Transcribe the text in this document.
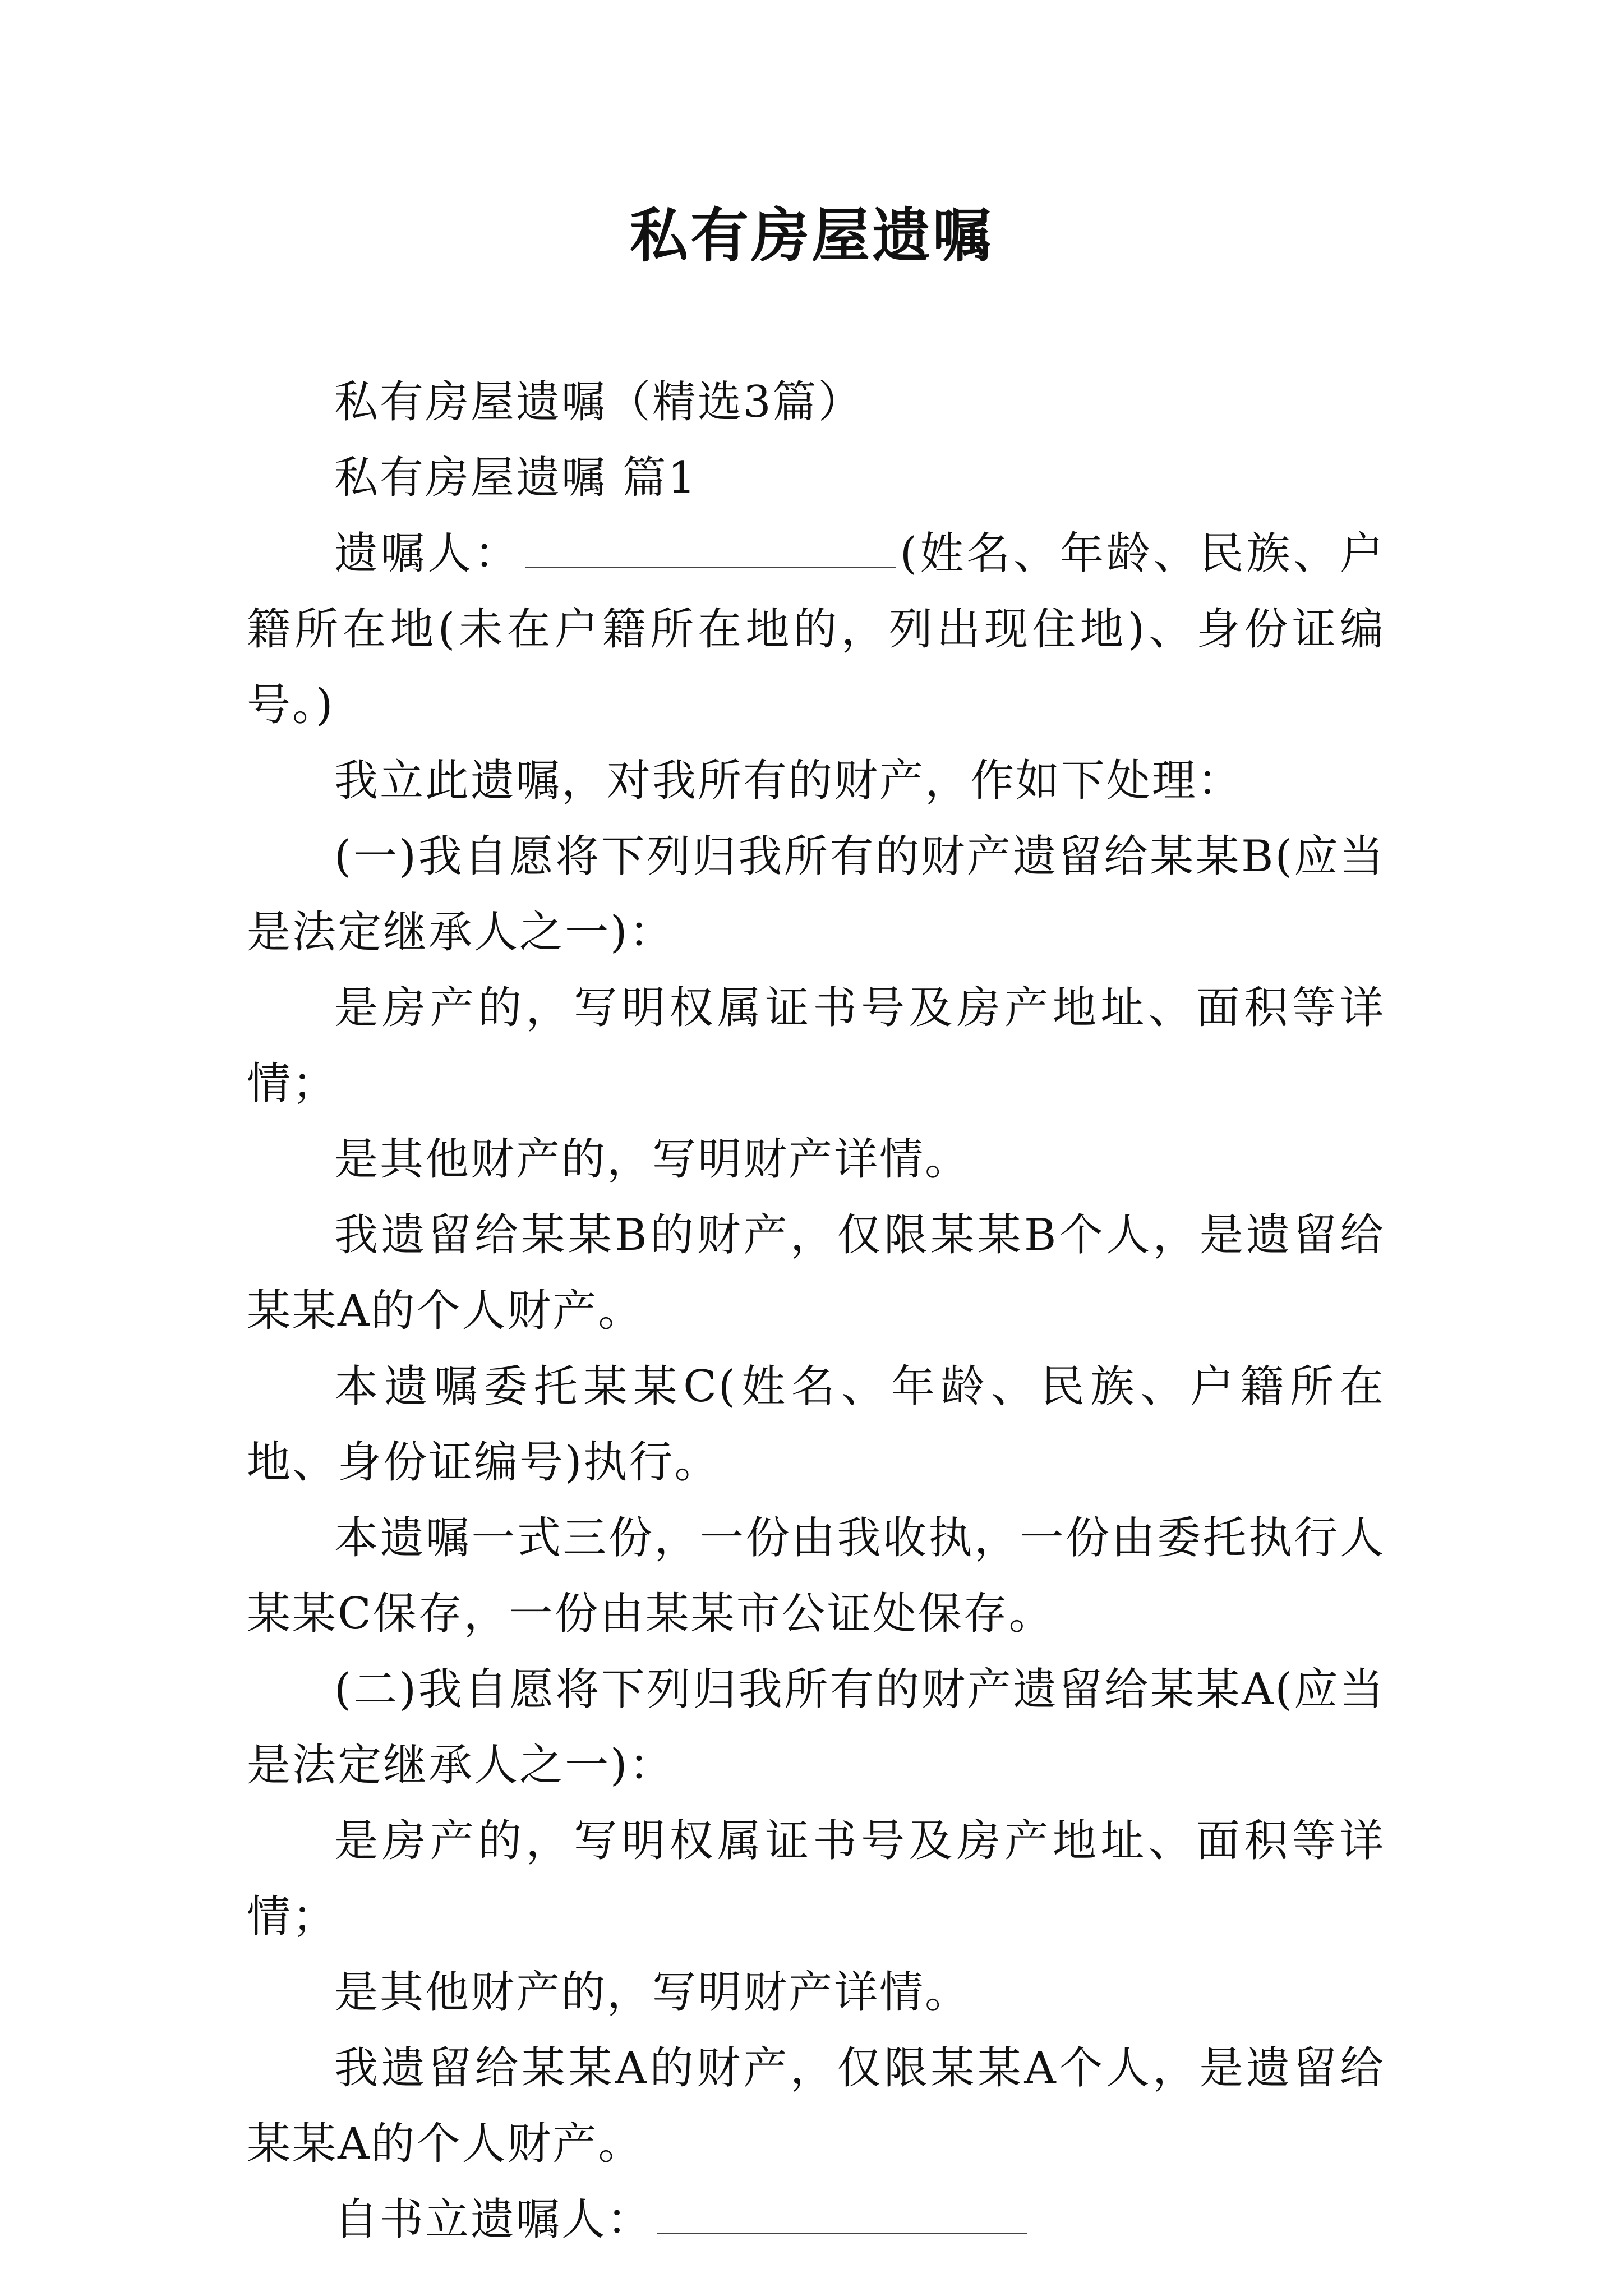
私有房屋遗嘱

私有房屋遗嘱（精选3篇）

私有房屋遗嘱 篇1

遗嘱人：	(姓名、年龄、民族、户籍所在地(未在户籍所在地的，列出现住地)、身份证编号。)

我立此遗嘱，对我所有的财产，作如下处理：

(一)我自愿将下列归我所有的财产遗留给某某B(应当是法定继承人之一)：

是房产的，写明权属证书号及房产地址、面积等详情；

是其他财产的，写明财产详情。

我遗留给某某B的财产，仅限某某B个人，是遗留给某某A的个人财产。

本遗嘱委托某某C(姓名、年龄、民族、户籍所在地、身份证编号)执行。

本遗嘱一式三份，一份由我收执，一份由委托执行人某某C保存，一份由某某市公证处保存。

(二)我自愿将下列归我所有的财产遗留给某某A(应当是法定继承人之一)：

是房产的，写明权属证书号及房产地址、面积等详情；

是其他财产的，写明财产详情。

我遗留给某某A的财产，仅限某某A个人，是遗留给某某A的个人财产。

自书立遗嘱人：
